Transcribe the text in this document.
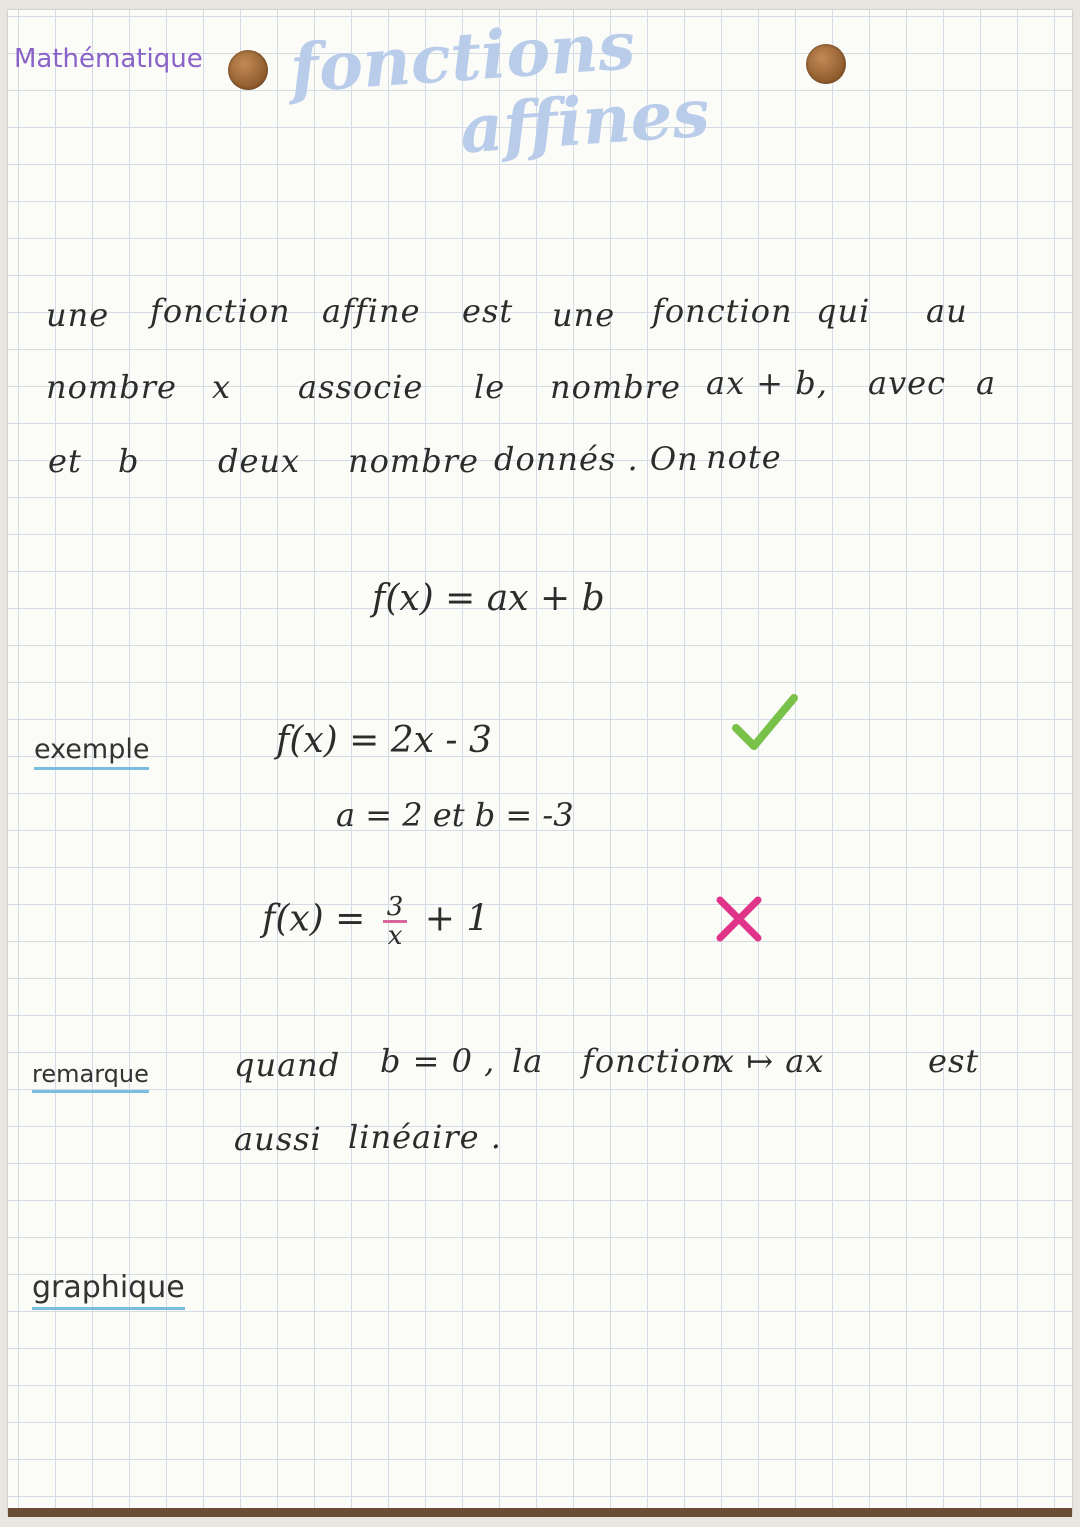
Mathématique fonctions
affines
une fonction affine est une fonction qui au
nombre x associe le nombre ax + b, avec a
et b deux nombre donnés . On note
f(x) = ax + b
exemple	f(x) = 2x - 3
a = 2 et b = -3
$f(x) = \frac{3}{x} + 1$
remarque	quand b = 0 , la fonction
x ↦ ax	est
aussi linéaire .
graphique
